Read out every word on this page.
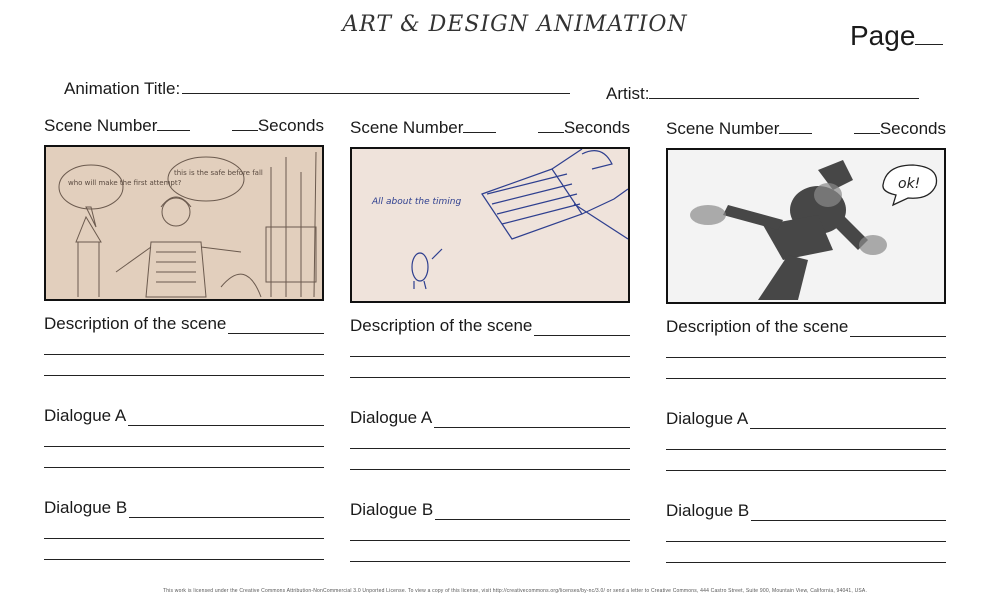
ART & DESIGN ANIMATION	Page
Animation Title:	Artist:
Scene Number	Seconds
who will make the first attempt?
this is the safe before fall
Description of the scene
Dialogue A
Dialogue B
Scene Number	Seconds
All about the timing
Description of the scene
Dialogue A
Dialogue B
Scene Number	Seconds
ok!
Description of the scene
Dialogue A
Dialogue B
This work is licensed under the Creative Commons Attribution-NonCommercial 3.0 Unported License. To view a copy of this license, visit http://creativecommons.org/licenses/by-nc/3.0/ or send a letter to Creative Commons, 444 Castro Street, Suite 900, Mountain View, California, 94041, USA.
